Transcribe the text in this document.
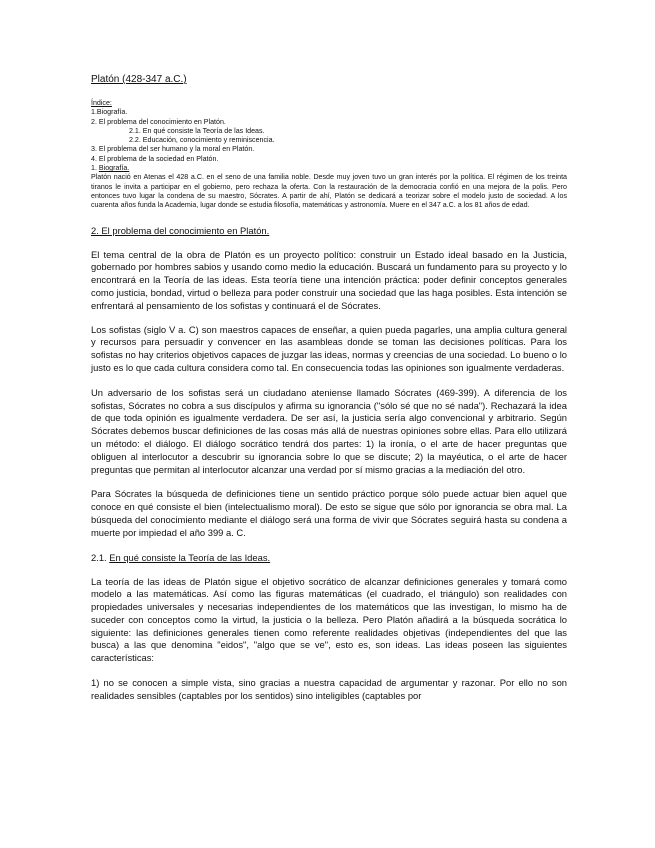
Platón (428-347 a.C.)
Índice:
1.Biografía.
2. El problema del conocimiento en Platón.
2.1. En qué consiste la Teoría de las Ideas.
2.2. Educación, conocimiento y reminiscencia.
3. El problema del ser humano y la moral en Platón.
4. El problema de la sociedad en Platón.
1. Biografía.
Platón nació en Atenas el 428 a.C. en el seno de una familia noble. Desde muy joven tuvo un gran interés por la política. El régimen de los treinta tiranos le invita a participar en el gobierno, pero rechaza la oferta. Con la restauración de la democracia confió en una mejora de la polis. Pero entonces tuvo lugar la condena de su maestro, Sócrates. A partir de ahí, Platón se dedicará a teorizar sobre el modelo justo de sociedad. A los cuarenta años funda la Academia, lugar donde se estudia filosofía, matemáticas y astronomía. Muere en el 347 a.C. a los 81 años de edad.
2. El problema del conocimiento en Platón.
El tema central de la obra de Platón es un proyecto político: construir un Estado ideal basado en la Justicia, gobernado por hombres sabios y usando como medio la educación. Buscará un fundamento para su proyecto y lo encontrará en la Teoría de las ideas. Esta teoría tiene una intención práctica: poder definir conceptos generales como justicia, bondad, virtud o belleza para poder construir una sociedad que las haga posibles. Esta intención se enfrentará al pensamiento de los sofistas y continuará el de Sócrates.
Los sofistas (siglo V a. C) son maestros capaces de enseñar, a quien pueda pagarles, una amplia cultura general y recursos para persuadir y convencer en las asambleas donde se toman las decisiones políticas. Para los sofistas no hay criterios objetivos capaces de juzgar las ideas, normas y creencias de una sociedad. Lo bueno o lo justo es lo que cada cultura considera como tal. En consecuencia todas las opiniones son igualmente verdaderas.
Un adversario de los sofistas será un ciudadano ateniense llamado Sócrates (469-399). A diferencia de los sofistas, Sócrates no cobra a sus discípulos y afirma su ignorancia ("sólo sé que no sé nada"). Rechazará la idea de que toda opinión es igualmente verdadera. De ser así, la justicia sería algo convencional y arbitrario. Según Sócrates debemos buscar definiciones de las cosas más allá de nuestras opiniones sobre ellas. Para ello utilizará un método: el diálogo. El diálogo socrático tendrá dos partes: 1) la ironía, o el arte de hacer preguntas que obliguen al interlocutor a descubrir su ignorancia sobre lo que se discute; 2) la mayéutica, o el arte de hacer preguntas que permitan al interlocutor alcanzar una verdad por sí mismo gracias a la mediación del otro.
Para Sócrates la búsqueda de definiciones tiene un sentido práctico porque sólo puede actuar bien aquel que conoce en qué consiste el bien (intelectualismo moral). De esto se sigue que sólo por ignorancia se obra mal. La búsqueda del conocimiento mediante el diálogo será una forma de vivir que Sócrates seguirá hasta su condena a muerte por impiedad el año 399 a. C.
2.1. En qué consiste la Teoría de las Ideas.
La teoría de las ideas de Platón sigue el objetivo socrático de alcanzar definiciones generales y tomará como modelo a las matemáticas. Así como las figuras matemáticas (el cuadrado, el triángulo) son realidades con propiedades universales y necesarias independientes de los matemáticos que las investigan, lo mismo ha de suceder con conceptos como la virtud, la justicia o la belleza. Pero Platón añadirá a la búsqueda socrática lo siguiente: las definiciones generales tienen como referente realidades objetivas (independientes del que las busca) a las que denomina "eidos", "algo que se ve", esto es, son ideas. Las ideas poseen las siguientes características:
1) no se conocen a simple vista, sino gracias a nuestra capacidad de argumentar y razonar. Por ello no son realidades sensibles (captables por los sentidos) sino inteligibles (captables por
